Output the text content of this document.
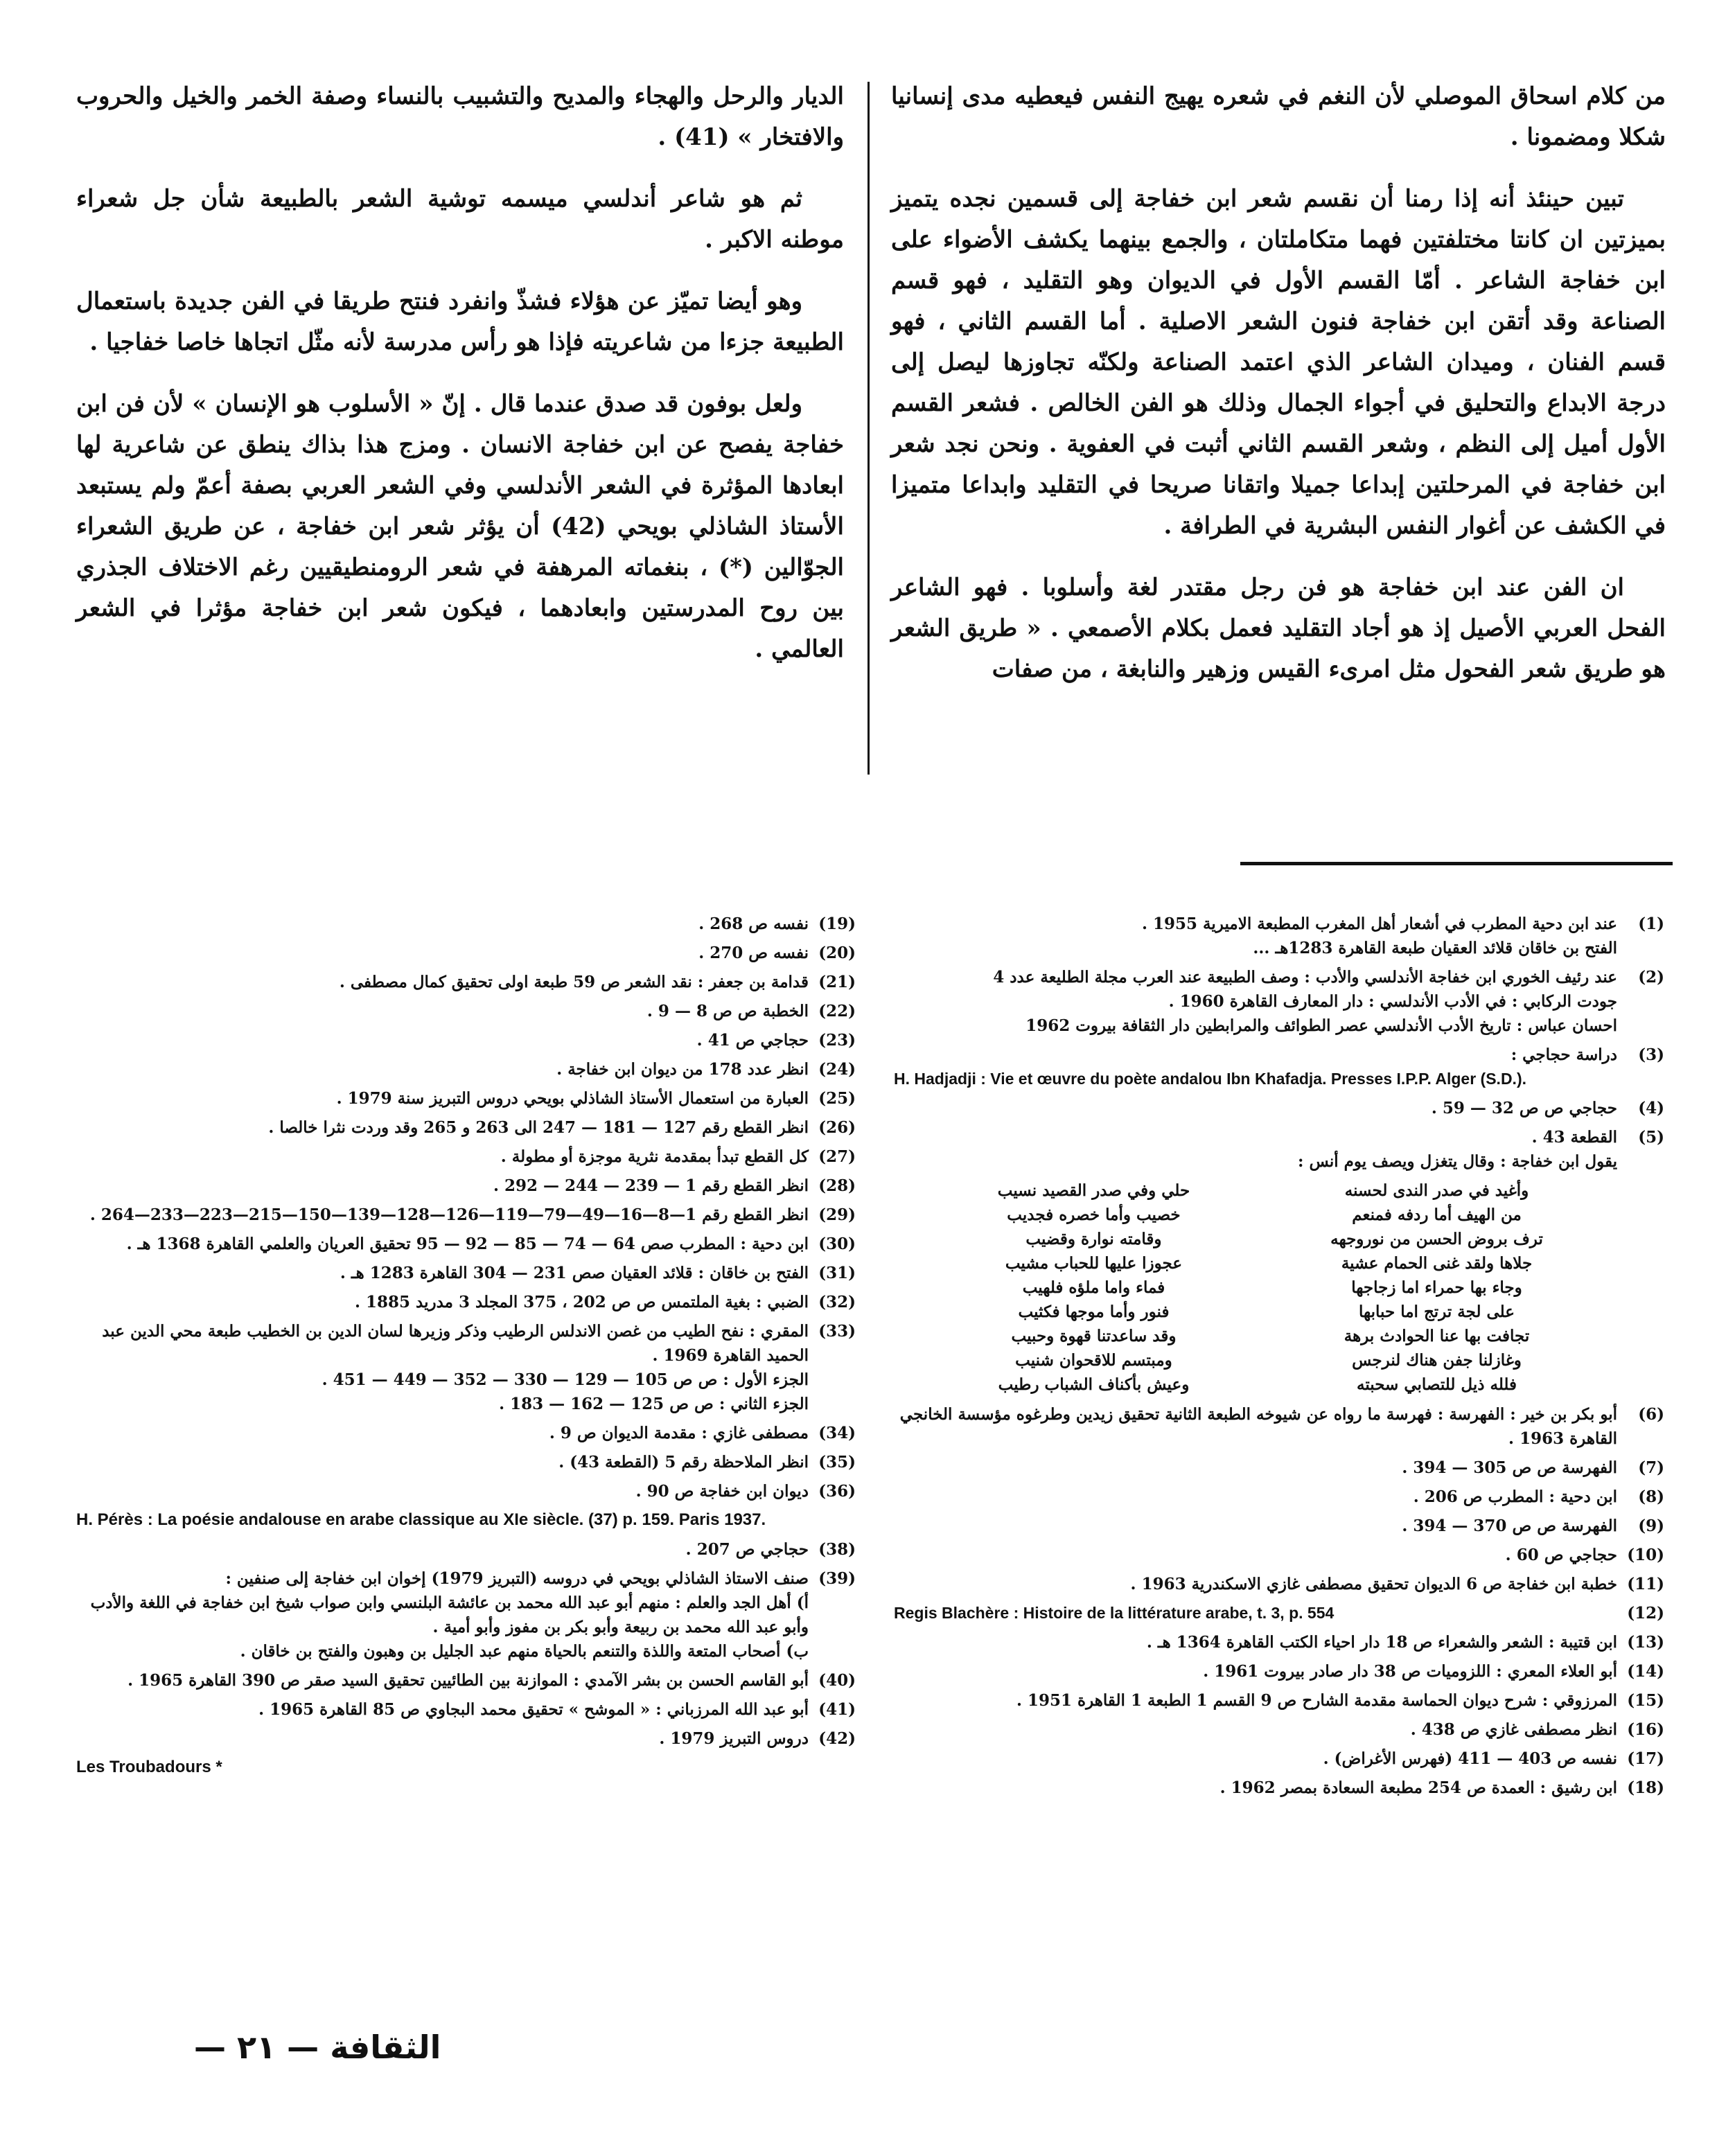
من كلام اسحاق الموصلي لأن النغم في شعره يهيج النفس فيعطيه مدى إنسانيا شكلا ومضمونا .

تبين حينئذ أنه إذا رمنا أن نقسم شعر ابن خفاجة إلى قسمين نجده يتميز بميزتين ان كانتا مختلفتين فهما متكاملتان ، والجمع بينهما يكشف الأضواء على ابن خفاجة الشاعر . أمّا القسم الأول في الديوان وهو التقليد ، فهو قسم الصناعة وقد أتقن ابن خفاجة فنون الشعر الاصلية . أما القسم الثاني ، فهو قسم الفنان ، وميدان الشاعر الذي اعتمد الصناعة ولكنّه تجاوزها ليصل إلى درجة الابداع والتحليق في أجواء الجمال وذلك هو الفن الخالص . فشعر القسم الأول أميل إلى النظم ، وشعر القسم الثاني أثبت في العفوية . ونحن نجد شعر ابن خفاجة في المرحلتين إبداعا جميلا واتقانا صريحا في التقليد وابداعا متميزا في الكشف عن أغوار النفس البشرية في الطرافة .

ان الفن عند ابن خفاجة هو فن رجل مقتدر لغة وأسلوبا . فهو الشاعر الفحل العربي الأصيل إذ هو أجاد التقليد فعمل بكلام الأصمعي . « طريق الشعر هو طريق شعر الفحول مثل امرىء القيس وزهير والنابغة ، من صفات

الديار والرحل والهجاء والمديح والتشبيب بالنساء وصفة الخمر والخيل والحروب والافتخار » (41) .

ثم هو شاعر أندلسي ميسمه توشية الشعر بالطبيعة شأن جل شعراء موطنه الاكبر .

وهو أيضا تميّز عن هؤلاء فشذّ وانفرد فنتح طريقا في الفن جديدة باستعمال الطبيعة جزءا من شاعريته فإذا هو رأس مدرسة لأنه مثّل اتجاها خاصا خفاجيا .

ولعل بوفون قد صدق عندما قال . إنّ « الأسلوب هو الإنسان » لأن فن ابن خفاجة يفصح عن ابن خفاجة الانسان . ومزج هذا بذاك ينطق عن شاعرية لها ابعادها المؤثرة في الشعر الأندلسي وفي الشعر العربي بصفة أعمّ ولم يستبعد الأستاذ الشاذلي بويحي (42) أن يؤثر شعر ابن خفاجة ، عن طريق الشعراء الجوّالين (*) ، بنغماته المرهفة في شعر الرومنطيقيين رغم الاختلاف الجذري بين روح المدرستين وابعادهما ، فيكون شعر ابن خفاجة مؤثرا في الشعر العالمي .

(1)
عند ابن دحية المطرب في أشعار أهل المغرب المطبعة الاميرية 1955 .
الفتح بن خاقان قلائد العقيان طبعة القاهرة 1283هـ ...
(2)
عند رئيف الخوري ابن خفاجة الأندلسي والأدب : وصف الطبيعة عند العرب مجلة الطليعة عدد 4
جودت الركابي : في الأدب الأندلسي : دار المعارف القاهرة 1960 .
احسان عباس : تاريخ الأدب الأندلسي عصر الطوائف والمرابطين دار الثقافة بيروت 1962
(3)
دراسة حجاجي :
H. Hadjadji : Vie et œuvre du poète andalou Ibn Khafadja. Presses I.P.P. Alger (S.D.).
(4)
حجاجي ص ص 32 — 59 .
(5)
القطعة 43 .
يقول ابن خفاجة : وقال يتغزل ويصف يوم أنس :
وأغيد في صدر الندى لحسنه
حلي وفي صدر القصيد نسيب
من الهيف أما ردفه فمنعم
خصيب وأما خصره فجديب
ترف بروض الحسن من نوروجهه
وقامته نوارة وقضيب
جلاها ولقد غنى الحمام عشية
عجوزا عليها للحباب مشيب
وجاء بها حمراء اما زجاجها
فماء واما ملؤه فلهيب
على لجة ترتج اما حبابها
فنور وأما موجها فكثيب
تجافت بها عنا الحوادث برهة
وقد ساعدتنا قهوة وحبيب
وغازلنا جفن هناك لنرجس
ومبتسم للاقحوان شنيب
فلله ذيل للتصابي سحبته
وعيش بأكناف الشباب رطيب
(6)
أبو بكر بن خير : الفهرسة : فهرسة ما رواه عن شيوخه الطبعة الثانية تحقيق زيدين وطرغوه مؤسسة الخانجي القاهرة 1963 .
(7)
الفهرسة ص ص 305 — 394 .
(8)
ابن دحية : المطرب ص 206 .
(9)
الفهرسة ص ص 370 — 394 .
(10)
حجاجي ص 60 .
(11)
خطبة ابن خفاجة ص 6 الديوان تحقيق مصطفى غازي الاسكندرية 1963 .
(12)
Regis Blachère : Histoire de la littérature arabe, t. 3, p. 554
(13)
ابن قتيبة : الشعر والشعراء ص 18 دار احياء الكتب القاهرة 1364 هـ .
(14)
أبو العلاء المعري : اللزوميات ص 38 دار صادر بيروت 1961 .
(15)
المرزوقي : شرح ديوان الحماسة مقدمة الشارح ص 9 القسم 1 الطبعة 1 القاهرة 1951 .
(16)
انظر مصطفى غازي ص 438 .
(17)
نفسه ص 403 — 411 (فهرس الأغراض) .
(18)
ابن رشيق : العمدة ص 254 مطبعة السعادة بمصر 1962 .
(19)
نفسه ص 268 .
(20)
نفسه ص 270 .
(21)
قدامة بن جعفر : نقد الشعر ص 59 طبعة اولى تحقيق كمال مصطفى .
(22)
الخطبة ص ص 8 — 9 .
(23)
حجاجي ص 41 .
(24)
انظر عدد 178 من ديوان ابن خفاجة .
(25)
العبارة من استعمال الأستاذ الشاذلي بويحي دروس التبريز سنة 1979 .
(26)
انظر القطع رقم 127 — 181 — 247 الى 263 و 265 وقد وردت نثرا خالصا .
(27)
كل القطع تبدأ بمقدمة نثرية موجزة أو مطولة .
(28)
انظر القطع رقم 1 — 239 — 244 — 292 .
(29)
انظر القطع رقم 1—8—16—49—79—119—126—128—139—150—215—223—233—264 .
(30)
ابن دحية : المطرب صص 64 — 74 — 85 — 92 — 95 تحقيق العريان والعلمي القاهرة 1368 هـ .
(31)
الفتح بن خاقان : قلائد العقيان صص 231 — 304 القاهرة 1283 هـ .
(32)
الضبي : بغية الملتمس ص ص 202 ، 375 المجلد 3 مدريد 1885 .
(33)
المقري : نفح الطيب من غصن الاندلس الرطيب وذكر وزيرها لسان الدين بن الخطيب طبعة محي الدين عبد الحميد القاهرة 1969 .
الجزء الأول : ص ص 105 — 129 — 330 — 352 — 449 — 451 .
الجزء الثاني : ص ص 125 — 162 — 183 .
(34)
مصطفى غازي : مقدمة الديوان ص 9 .
(35)
انظر الملاحظة رقم 5 (القطعة 43) .
(36)
ديوان ابن خفاجة ص 90 .
H. Pérès : La poésie andalouse en arabe classique au XIe siècle. (37) p. 159. Paris 1937.
(38)
حجاجي ص 207 .
(39)
صنف الاستاذ الشاذلي بويحي في دروسه (التبريز 1979) إخوان ابن خفاجة إلى صنفين :
أ) أهل الجد والعلم : منهم أبو عبد الله محمد بن عائشة البلنسي وابن صواب شيخ ابن خفاجة في اللغة والأدب وأبو عبد الله محمد بن ربيعة وأبو بكر بن مفوز وأبو أمية .
ب) أصحاب المتعة واللذة والتنعم بالحياة منهم عبد الجليل بن وهبون والفتح بن خاقان .
(40)
أبو القاسم الحسن بن بشر الآمدي : الموازنة بين الطائيين تحقيق السيد صقر ص 390 القاهرة 1965 .
(41)
أبو عبد الله المرزباني : « الموشح » تحقيق محمد البجاوي ص 85 القاهرة 1965 .
(42)
دروس التبريز 1979 .
Les Troubadours *
الثقافة — ٢١ —
